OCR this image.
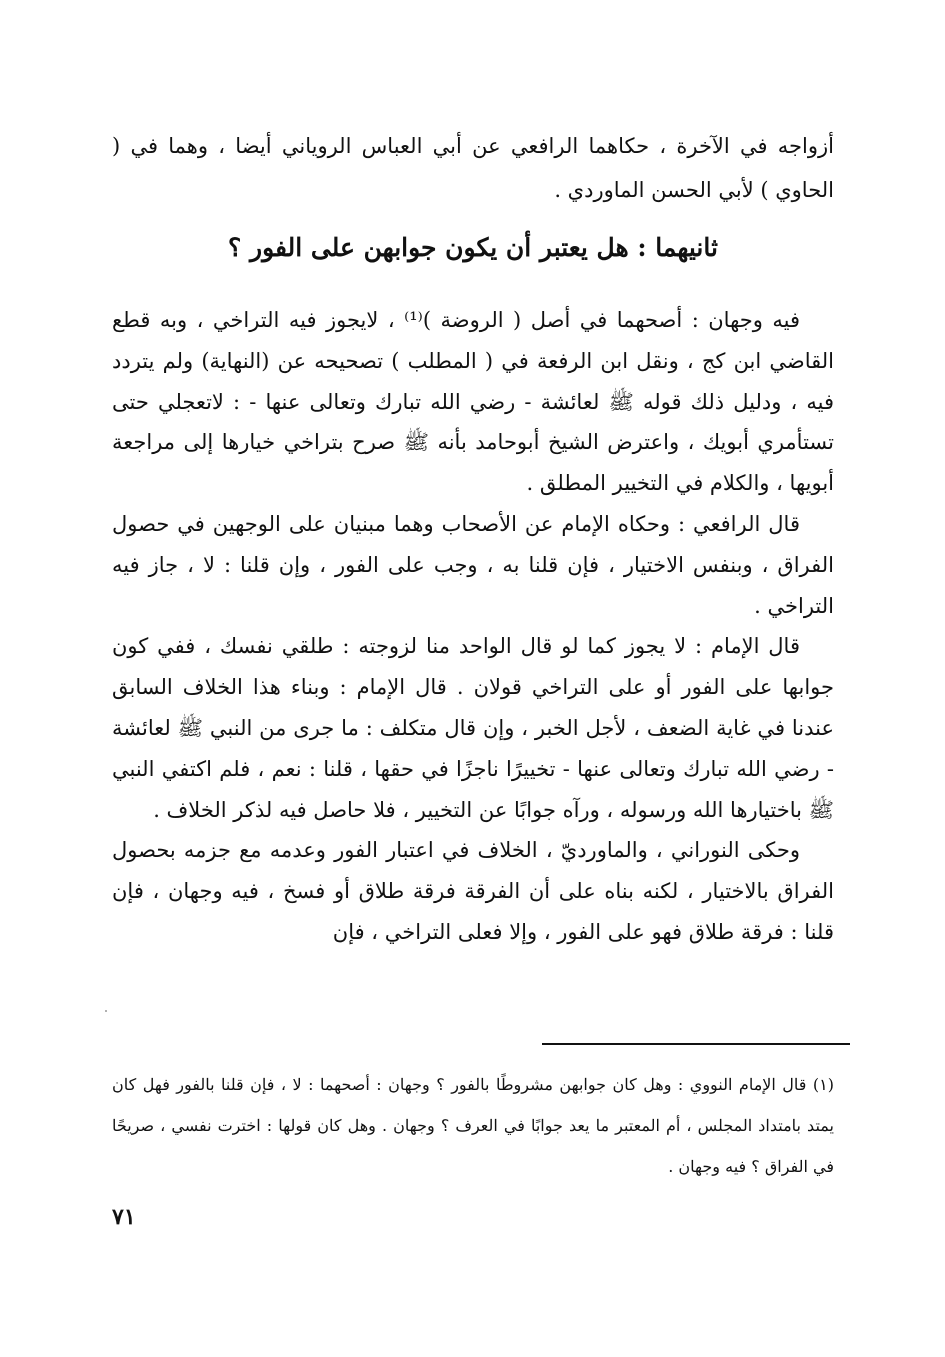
أزواجه في الآخرة ، حكاهما الرافعي عن أبي العباس الروياني أيضا ، وهما في ( الحاوي ) لأبي الحسن الماوردي .
ثانيهما : هل يعتبر أن يكون جوابهن على الفور ؟

فيه وجهان : أصحهما في أصل ( الروضة )⁽¹⁾ ، لايجوز فيه التراخي ، وبه قطع القاضي ابن كج ، ونقل ابن الرفعة في ( المطلب ) تصحيحه عن (النهاية) ولم يتردد فيه ، ودليل ذلك قوله ﷺ لعائشة - رضي الله تبارك وتعالى عنها - : لاتعجلي حتى تستأمري أبويك ، واعترض الشيخ أبوحامد بأنه ﷺ صرح بتراخي خيارها إلى مراجعة أبويها ، والكلام في التخيير المطلق .

قال الرافعي : وحكاه الإمام عن الأصحاب وهما مبنيان على الوجهين في حصول الفراق ، وبنفس الاختيار ، فإن قلنا به ، وجب على الفور ، وإن قلنا : لا ، جاز فيه التراخي .

قال الإمام : لا يجوز كما لو قال الواحد منا لزوجته : طلقي نفسك ، ففي كون جوابها على الفور أو على التراخي قولان . قال الإمام : وبناء هذا الخلاف السابق عندنا في غاية الضعف ، لأجل الخبر ، وإن قال متكلف : ما جرى من النبي ﷺ لعائشة - رضي الله تبارك وتعالى عنها - تخييرًا ناجزًا في حقها ، قلنا : نعم ، فلم اكتفي النبي ﷺ باختيارها الله ورسوله ، ورآه جوابًا عن التخيير ، فلا حاصل فيه لذكر الخلاف .

وحكى النوراني ، والماورديّ ، الخلاف في اعتبار الفور وعدمه مع جزمه بحصول الفراق بالاختيار ، لكنه بناه على أن الفرقة فرقة طلاق أو فسخ ، فيه وجهان ، فإن قلنا : فرقة طلاق فهو على الفور ، وإلا فعلى التراخي ، فإن

(١) قال الإمام النووي : وهل كان جوابهن مشروطًا بالفور ؟ وجهان : أصحهما : لا ، فإن قلنا بالفور فهل كان يمتد بامتداد المجلس ، أم المعتبر ما يعد جوابًا في العرف ؟ وجهان . وهل كان قولها : اخترت نفسي ، صريحًا في الفراق ؟ فيه وجهان .

٧١
